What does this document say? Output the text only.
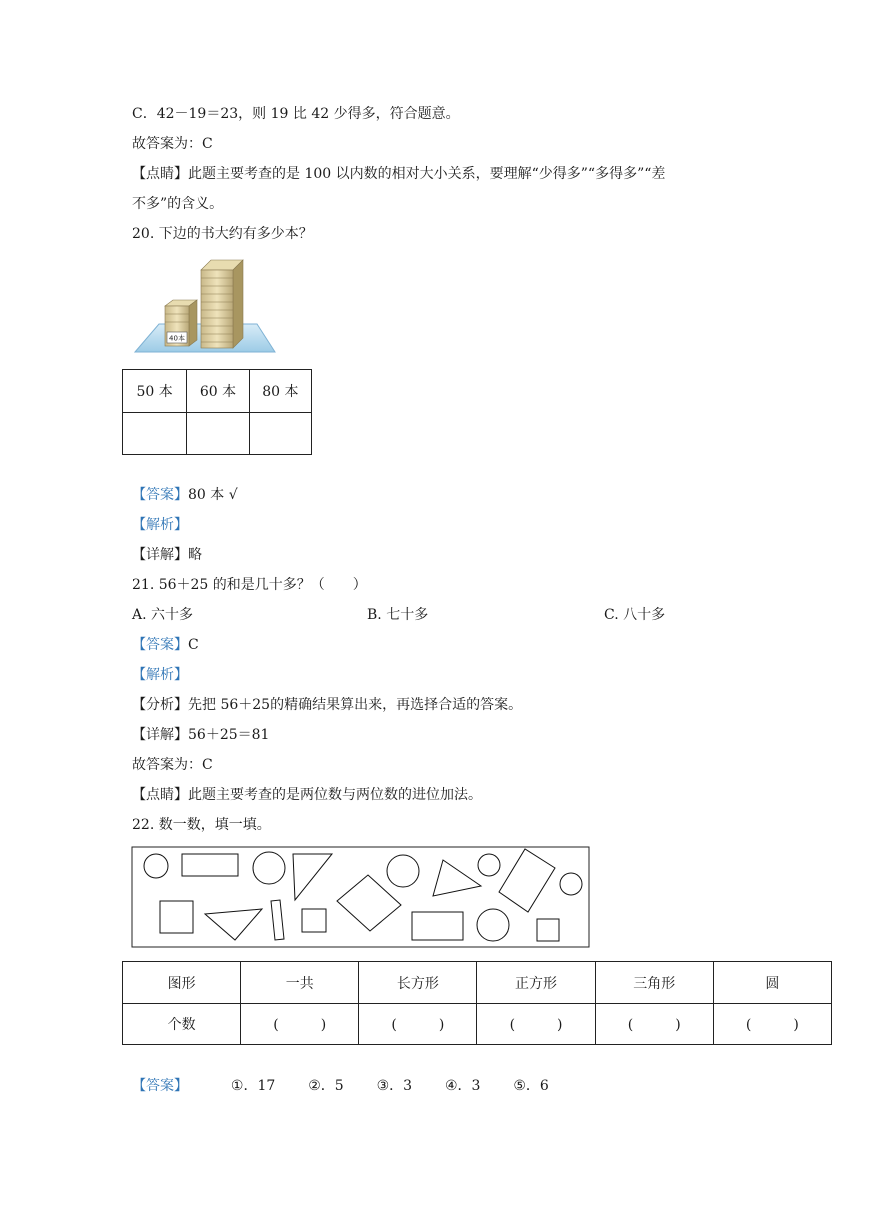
C．42－19＝23，则 19 比 42 少得多，符合题意。
故答案为：C
【点睛】此题主要考查的是 100 以内数的相对大小关系，要理解“少得多”“多得多”“差
不多”的含义。
20. 下边的书大约有多少本？
40本
50 本	60 本	80 本

【答案】80 本 √
【解析】
【详解】略
21. 56＋25 的和是几十多？（　　）
A. 六十多	B. 七十多	C. 八十多
【答案】C
【解析】
【分析】先把 56＋25的精确结果算出来，再选择合适的答案。
【详解】56＋25＝81
故答案为：C
【点睛】此题主要考查的是两位数与两位数的进位加法。
22. 数一数，填一填。
图形	一共	长方形	正方形	三角形	圆
个数	(　　　)	(　　　)	(　　　)	(　　　)	(　　　)
【答案】	①．17 ②．5 ③．3 ④．3 ⑤．6
